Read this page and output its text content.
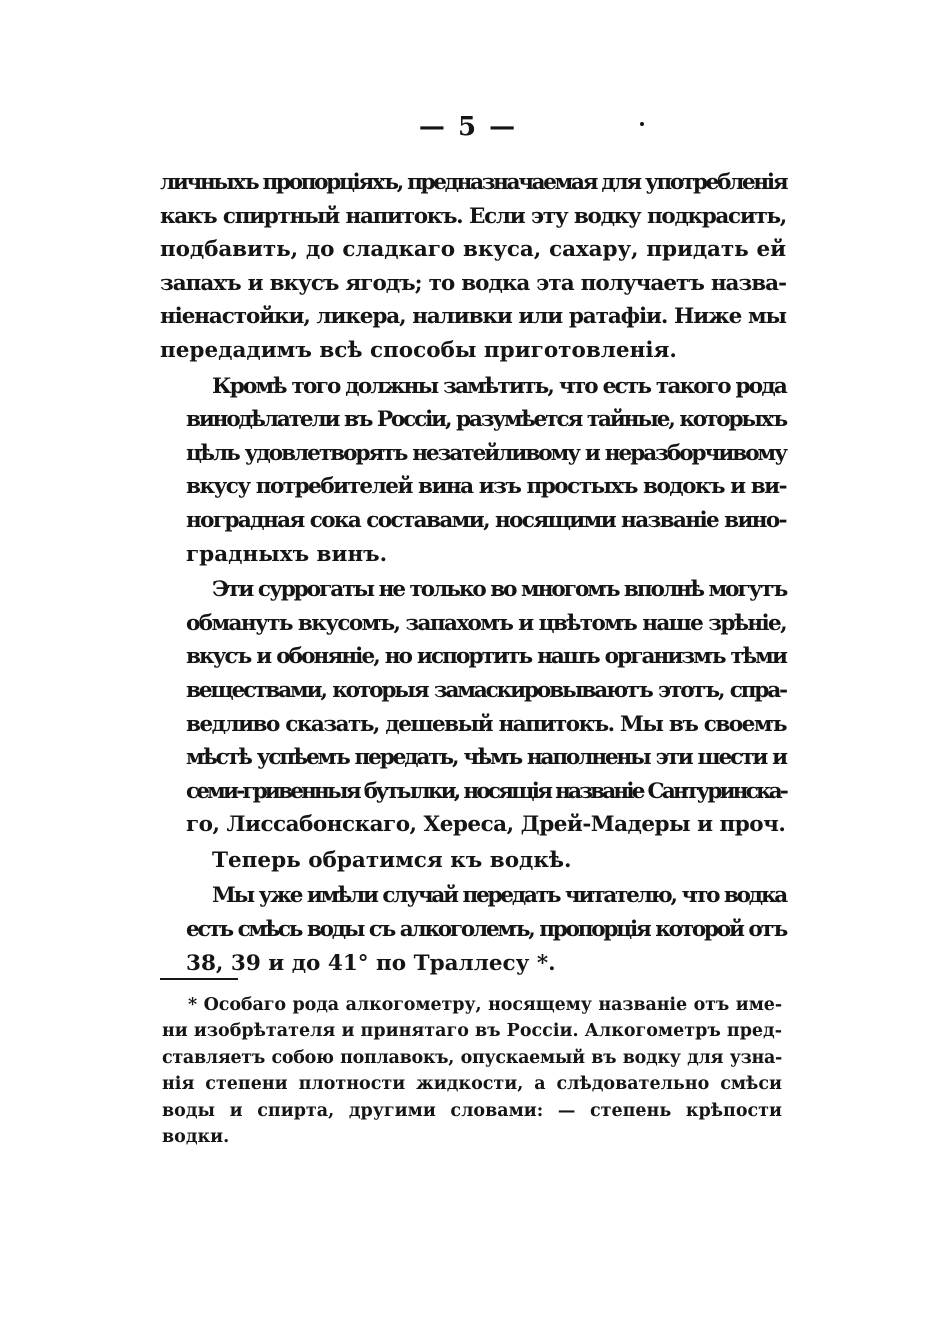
— 5 —
личныхъ пропорціяхъ, предназначаемая для употребленія
какъ спиртный напитокъ. Если эту водку подкрасить,
подбавить, до сладкаго вкуса, сахару, придать ей
запахъ и вкусъ ягодъ; то водка эта получаетъ назва-
ніенастойки, ликера, наливки или ратафіи. Ниже мы
передадимъ всѣ способы приготовленія.
Кромѣ того должны замѣтить, что есть такого рода
винодѣлатели въ Россіи, разумѣется тайные, которыхъ
цѣль удовлетворять незатейливому и неразборчивому
вкусу потребителей вина изъ простыхъ водокъ и ви-
ноградная сока составами, носящими названіе вино-
градныхъ винъ.
Эти суррогаты не только во многомъ вполнѣ могутъ
обмануть вкусомъ, запахомъ и цвѣтомъ наше зрѣніе,
вкусъ и обоняніе, но испортить нашъ организмъ тѣми
веществами, которыя замаскировываютъ этотъ, спра-
ведливо сказать, дешевый напитокъ. Мы въ своемъ
мѣстѣ успѣемъ передать, чѣмъ наполнены эти шести и
семи-гривенныя бутылки, носящія названіе Сантуринска-
го, Лиссабонскаго, Хереса, Дрей-Мадеры и проч.
Теперь обратимся къ водкѣ.
Мы уже имѣли случай передать читателю, что водка
есть смѣсь воды съ алкоголемъ, пропорція которой отъ
38, 39 и до 41° по Траллесу *.
* Особаго рода алкогометру, носящему названіе отъ име-
ни изобрѣтателя и принятаго въ Россіи. Алкогометръ пред-
ставляетъ собою поплавокъ, опускаемый въ водку для узна-
нія степени плотности жидкости, а слѣдовательно смѣси
воды и спирта, другими словами: — степень крѣпости
водки.
